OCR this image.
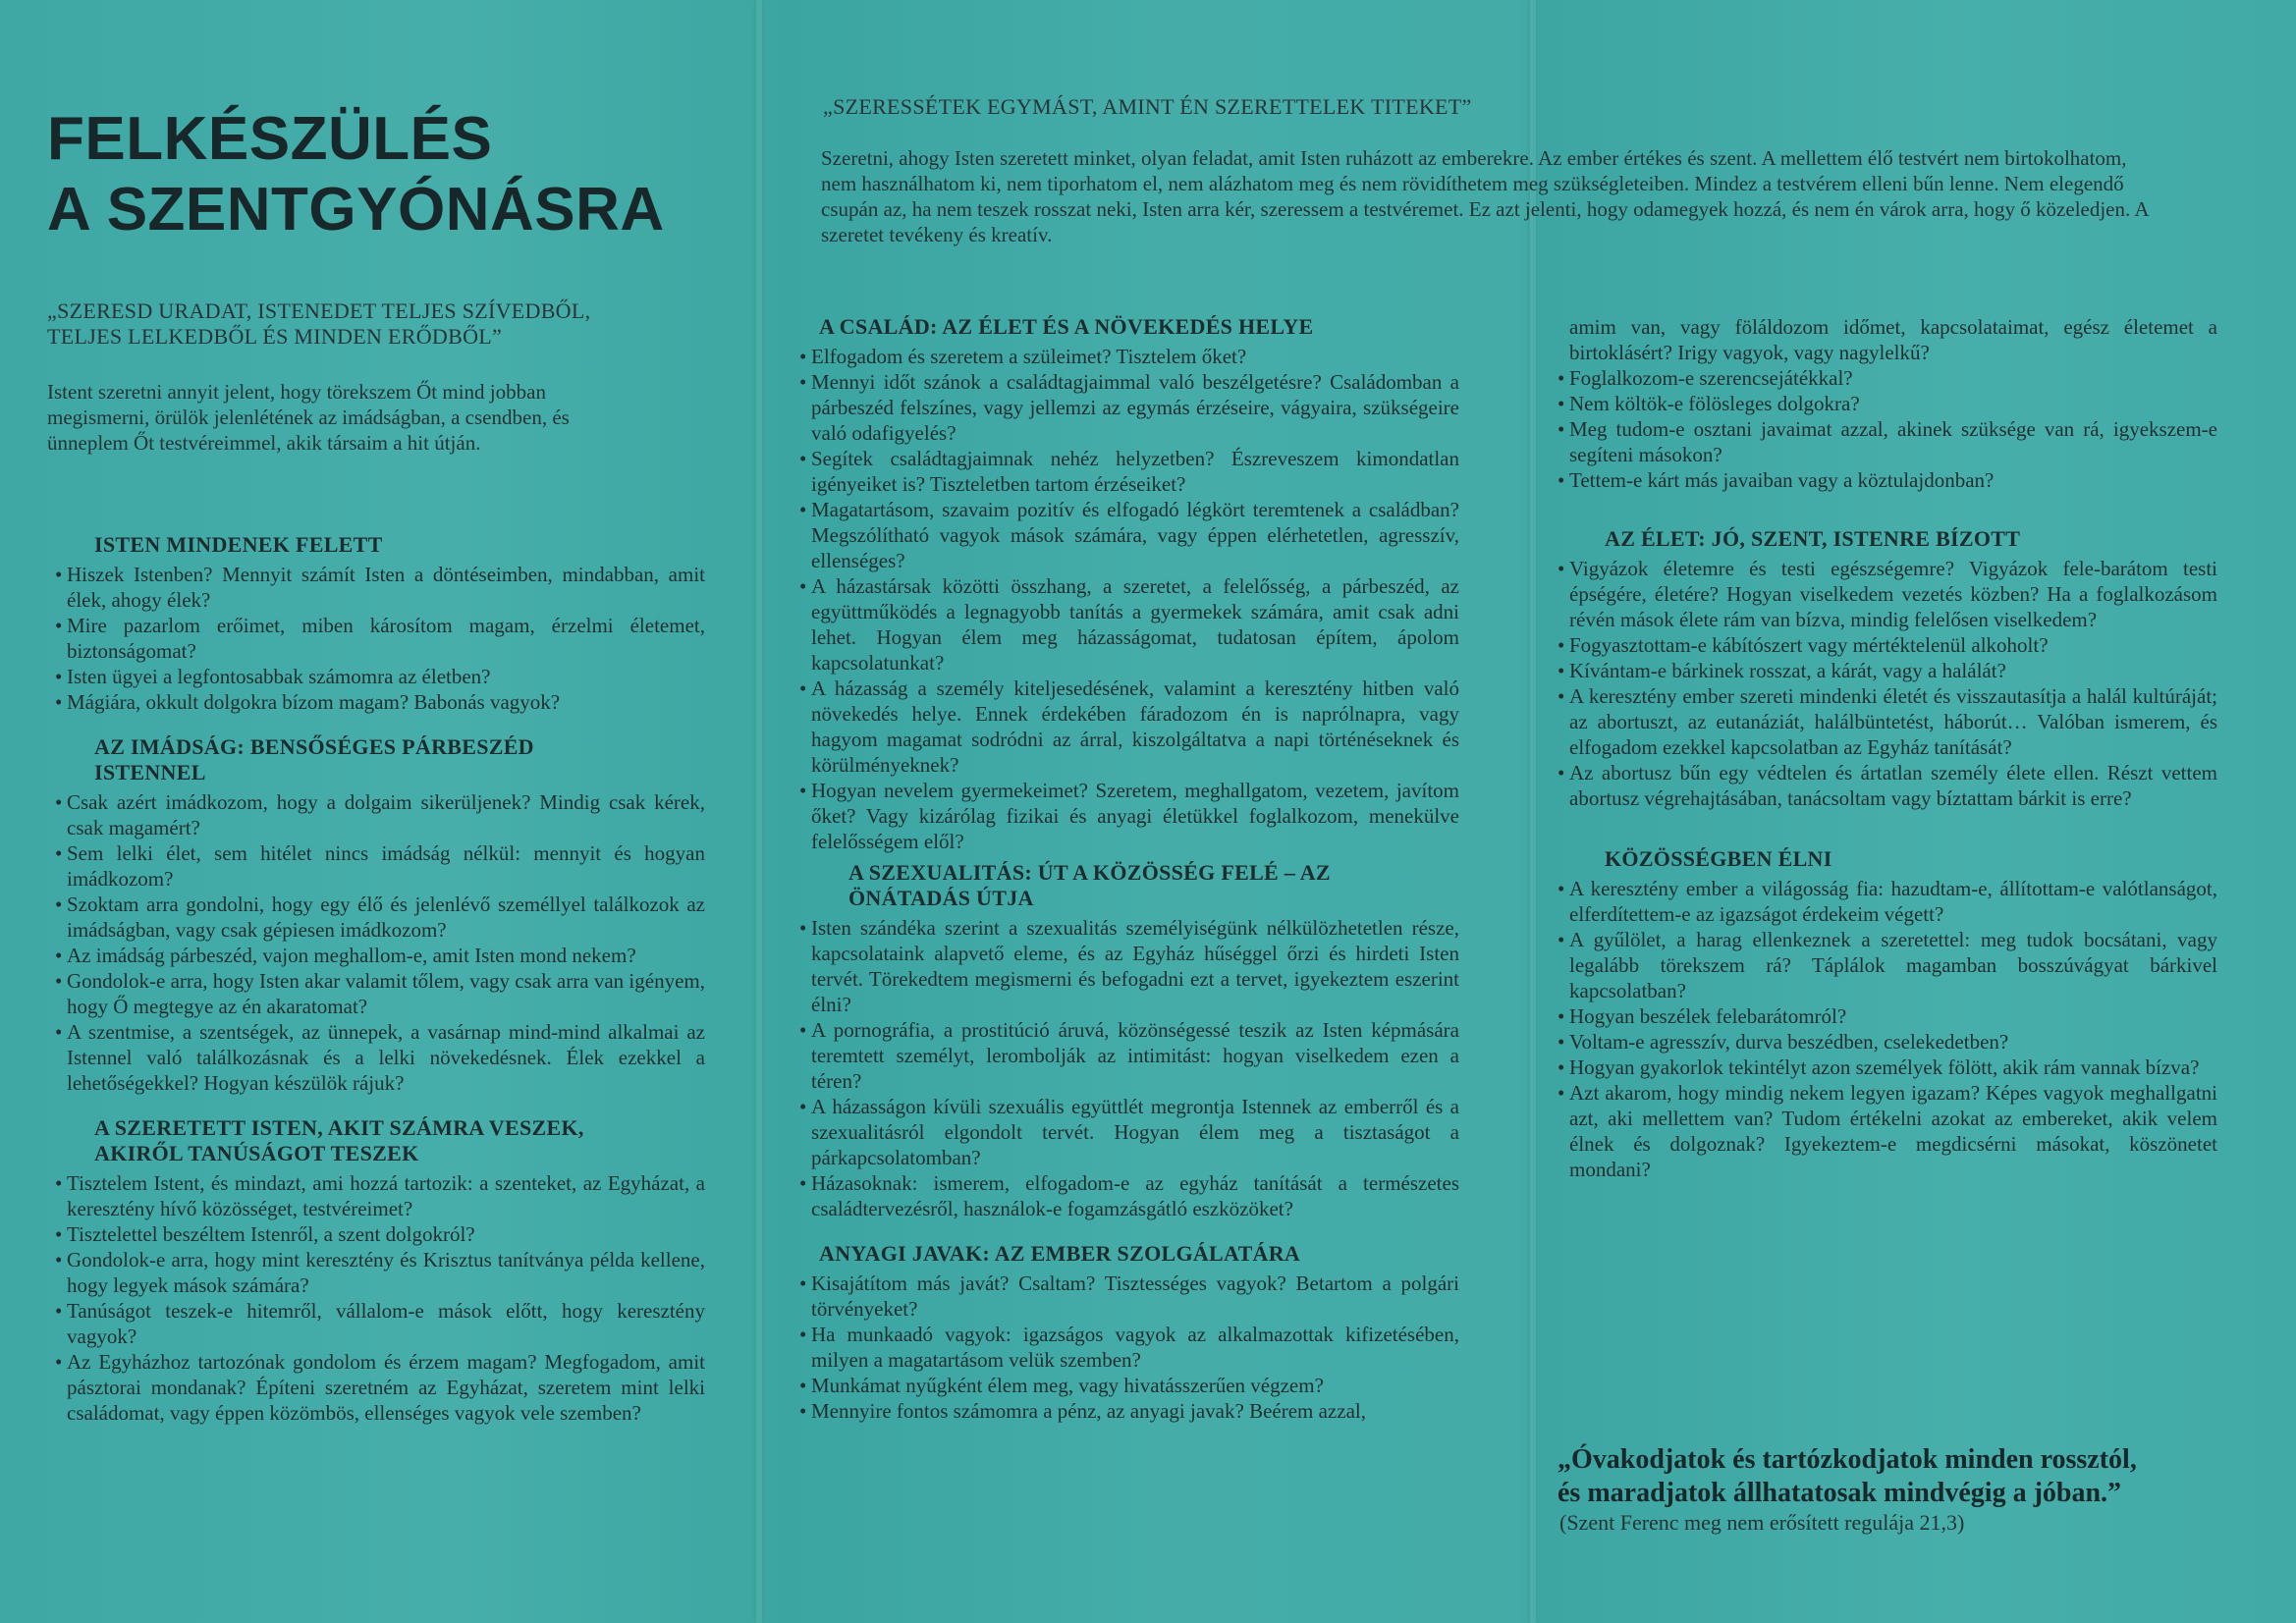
FELKÉSZÜLÉS
A SZENTGYÓNÁSRA
„SZERESD URADAT, ISTENEDET TELJES SZÍVEDBŐL,
TELJES LELKEDBŐL ÉS MINDEN ERŐDBŐL”

Istent szeretni annyit jelent, hogy törekszem Őt mind jobban megismerni, örülök jelenlétének az imádságban, a csendben, és ünneplem Őt testvéreimmel, akik társaim a hit útján.

ISTEN MINDENEK FELETT
• Hiszek Istenben? Mennyit számít Isten a döntéseimben, mindabban, amit élek, ahogy élek?
• Mire pazarlom erőimet, miben károsítom magam, érzelmi életemet, biztonságomat?
• Isten ügyei a legfontosabbak számomra az életben?
• Mágiára, okkult dolgokra bízom magam? Babonás vagyok?
AZ IMÁDSÁG: BENSŐSÉGES PÁRBESZÉD
ISTENNEL
• Csak azért imádkozom, hogy a dolgaim sikerüljenek? Mindig csak kérek, csak magamért?
• Sem lelki élet, sem hitélet nincs imádság nélkül: mennyit és hogyan imádkozom?
• Szoktam arra gondolni, hogy egy élő és jelenlévő személlyel találkozok az imádságban, vagy csak gépiesen imádkozom?
• Az imádság párbeszéd, vajon meghallom-e, amit Isten mond nekem?
• Gondolok-e arra, hogy Isten akar valamit tőlem, vagy csak arra van igényem, hogy Ő megtegye az én akaratomat?
• A szentmise, a szentségek, az ünnepek, a vasárnap mind-mind alkalmai az Istennel való találkozásnak és a lelki növekedésnek. Élek ezekkel a lehetőségekkel? Hogyan készülök rájuk?
A SZERETETT ISTEN, AKIT SZÁMRA VESZEK,
AKIRŐL TANÚSÁGOT TESZEK
• Tisztelem Istent, és mindazt, ami hozzá tartozik: a szenteket, az Egyházat, a keresztény hívő közösséget, testvéreimet?
• Tisztelettel beszéltem Istenről, a szent dolgokról?
• Gondolok-e arra, hogy mint keresztény és Krisztus tanítványa példa kellene, hogy legyek mások számára?
• Tanúságot teszek-e hitemről, vállalom-e mások előtt, hogy keresztény vagyok?
• Az Egyházhoz tartozónak gondolom és érzem magam? Megfogadom, amit pásztorai mondanak? Építeni szeretném az Egyházat, szeretem mint lelki családomat, vagy éppen közömbös, ellenséges vagyok vele szemben?
„SZERESSÉTEK EGYMÁST, AMINT ÉN SZERETTELEK TITEKET”

Szeretni, ahogy Isten szeretett minket, olyan feladat, amit Isten ruházott az emberekre. Az ember értékes és szent. A mellettem élő testvért nem birtokolhatom, nem használhatom ki, nem tiporhatom el, nem alázhatom meg és nem rövidíthetem meg szükségleteiben. Mindez a testvérem elleni bűn lenne. Nem elegendő csupán az, ha nem teszek rosszat neki, Isten arra kér, szeressem a testvéremet. Ez azt jelenti, hogy odamegyek hozzá, és nem én várok arra, hogy ő közeledjen. A szeretet tevékeny és kreatív.

A CSALÁD: AZ ÉLET ÉS A NÖVEKEDÉS HELYE
• Elfogadom és szeretem a szüleimet? Tisztelem őket?
• Mennyi időt szánok a családtagjaimmal való beszélgetésre? Családomban a párbeszéd felszínes, vagy jellemzi az egymás érzéseire, vágyaira, szükségeire való odafigyelés?
• Segítek családtagjaimnak nehéz helyzetben? Észreveszem kimondatlan igényeiket is? Tiszteletben tartom érzéseiket?
• Magatartásom, szavaim pozitív és elfogadó légkört teremtenek a családban? Megszólítható vagyok mások számára, vagy éppen elérhetetlen, agresszív, ellenséges?
• A házastársak közötti összhang, a szeretet, a felelősség, a párbeszéd, az együttműködés a legnagyobb tanítás a gyermekek számára, amit csak adni lehet. Hogyan élem meg házasságomat, tudatosan építem, ápolom kapcsolatunkat?
• A házasság a személy kiteljesedésének, valamint a keresztény hitben való növekedés helye. Ennek érdekében fáradozom én is naprólnapra, vagy hagyom magamat sodródni az árral, kiszolgáltatva a napi történéseknek és körülményeknek?
• Hogyan nevelem gyermekeimet? Szeretem, meghallgatom, vezetem, javítom őket? Vagy kizárólag fizikai és anyagi életükkel foglalkozom, menekülve felelősségem elől?
A SZEXUALITÁS: ÚT A KÖZÖSSÉG FELÉ – AZ
ÖNÁTADÁS ÚTJA
• Isten szándéka szerint a szexualitás személyiségünk nélkülözhetetlen része, kapcsolataink alapvető eleme, és az Egyház hűséggel őrzi és hirdeti Isten tervét. Törekedtem megismerni és befogadni ezt a tervet, igyekeztem eszerint élni?
• A pornográfia, a prostitúció áruvá, közönségessé teszik az Isten képmására teremtett személyt, lerombolják az intimitást: hogyan viselkedem ezen a téren?
• A házasságon kívüli szexuális együttlét megrontja Istennek az emberről és a szexualitásról elgondolt tervét. Hogyan élem meg a tisztaságot a párkapcsolatomban?
• Házasoknak: ismerem, elfogadom-e az egyház tanítását a természetes családtervezésről, használok-e fogamzásgátló eszközöket?
ANYAGI JAVAK: AZ EMBER SZOLGÁLATÁRA
• Kisajátítom más javát? Csaltam? Tisztességes vagyok? Betartom a polgári törvényeket?
• Ha munkaadó vagyok: igazságos vagyok az alkalmazottak kifizetésében, milyen a magatartásom velük szemben?
• Munkámat nyűgként élem meg, vagy hivatásszerűen végzem?
• Mennyire fontos számomra a pénz, az anyagi javak? Beérem azzal,
amim van, vagy föláldozom időmet, kapcsolataimat, egész életemet a birtoklásért? Irigy vagyok, vagy nagylelkű?
• Foglalkozom-e szerencsejátékkal?
• Nem költök-e fölösleges dolgokra?
• Meg tudom-e osztani javaimat azzal, akinek szüksége van rá, igyekszem-e segíteni másokon?
• Tettem-e kárt más javaiban vagy a köztulajdonban?
AZ ÉLET: JÓ, SZENT, ISTENRE BÍZOTT
• Vigyázok életemre és testi egészségemre? Vigyázok fele-barátom testi épségére, életére? Hogyan viselkedem vezetés közben? Ha a foglalkozásom révén mások élete rám van bízva, mindig felelősen viselkedem?
• Fogyasztottam-e kábítószert vagy mértéktelenül alkoholt?
• Kívántam-e bárkinek rosszat, a kárát, vagy a halálát?
• A keresztény ember szereti mindenki életét és visszautasítja a halál kultúráját; az abortuszt, az eutanáziát, halálbüntetést, háborút… Valóban ismerem, és elfogadom ezekkel kapcsolatban az Egyház tanítását?
• Az abortusz bűn egy védtelen és ártatlan személy élete ellen. Részt vettem abortusz végrehajtásában, tanácsoltam vagy bíztattam bárkit is erre?
KÖZÖSSÉGBEN ÉLNI
• A keresztény ember a világosság fia: hazudtam-e, állítottam-e valótlanságot, elferdítettem-e az igazságot érdekeim végett?
• A gyűlölet, a harag ellenkeznek a szeretettel: meg tudok bocsátani, vagy legalább törekszem rá? Táplálok magamban bosszúvágyat bárkivel kapcsolatban?
• Hogyan beszélek felebarátomról?
• Voltam-e agresszív, durva beszédben, cselekedetben?
• Hogyan gyakorlok tekintélyt azon személyek fölött, akik rám vannak bízva?
• Azt akarom, hogy mindig nekem legyen igazam? Képes vagyok meghallgatni azt, aki mellettem van? Tudom értékelni azokat az embereket, akik velem élnek és dolgoznak? Igyekeztem-e megdicsérni másokat, köszönetet mondani?

„Óvakodjatok és tartózkodjatok minden rossztól,
és maradjatok állhatatosak mindvégig a jóban.”

(Szent Ferenc meg nem erősített regulája 21,3)
